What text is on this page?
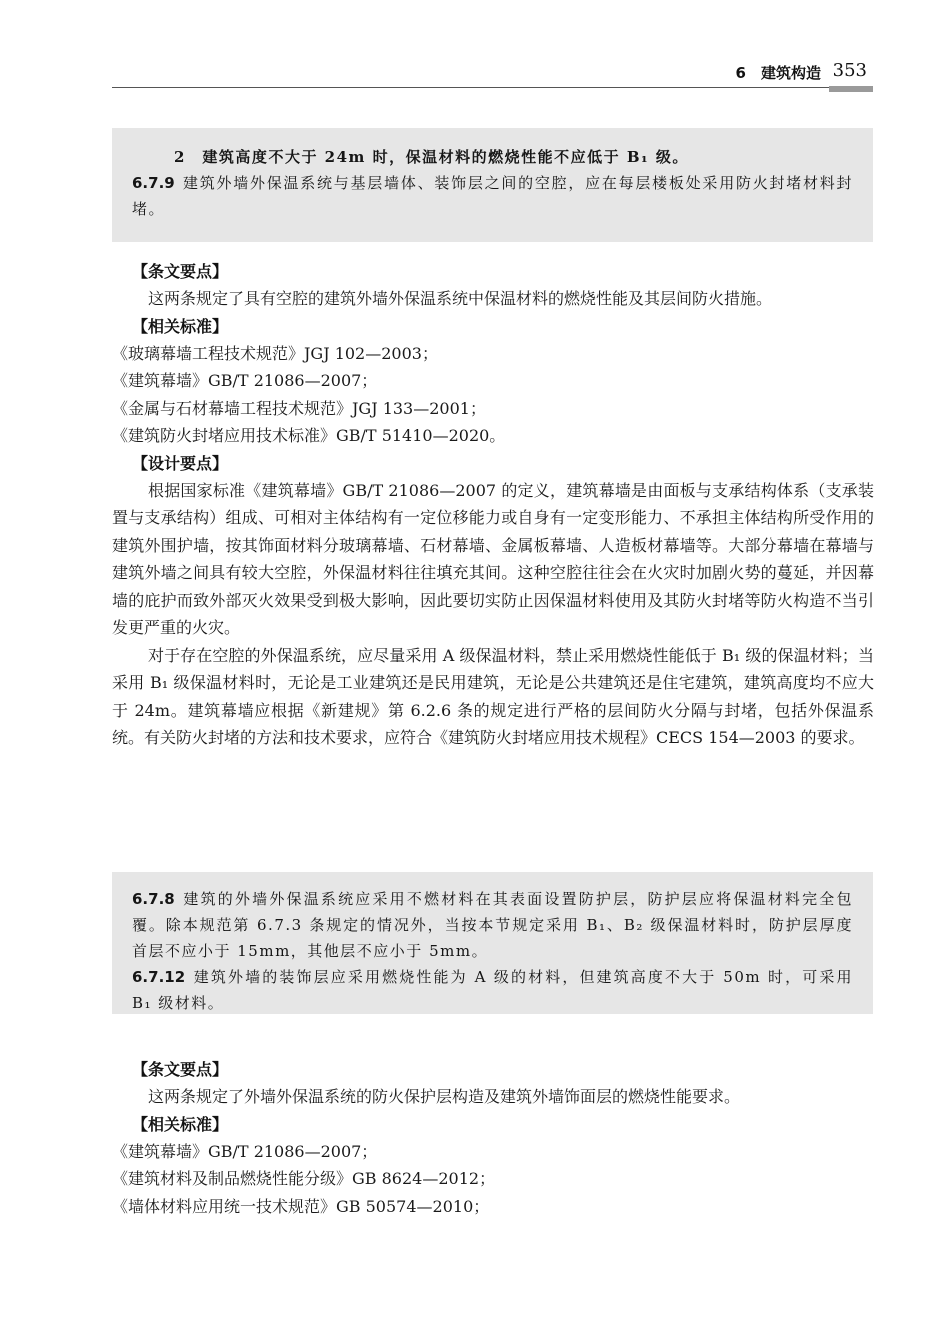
6　建筑构造 353

2　建筑高度不大于 24m 时，保温材料的燃烧性能不应低于 B₁ 级。

6.7.9 建筑外墙外保温系统与基层墙体、装饰层之间的空腔，应在每层楼板处采用防火封堵材料封堵。

【条文要点】

这两条规定了具有空腔的建筑外墙外保温系统中保温材料的燃烧性能及其层间防火措施。

【相关标准】

《玻璃幕墙工程技术规范》JGJ 102—2003；

《建筑幕墙》GB/T 21086—2007；

《金属与石材幕墙工程技术规范》JGJ 133—2001；

《建筑防火封堵应用技术标准》GB/T 51410—2020。

【设计要点】

根据国家标准《建筑幕墙》GB/T 21086—2007 的定义，建筑幕墙是由面板与支承结构体系（支承装置与支承结构）组成、可相对主体结构有一定位移能力或自身有一定变形能力、不承担主体结构所受作用的建筑外围护墙，按其饰面材料分玻璃幕墙、石材幕墙、金属板幕墙、人造板材幕墙等。大部分幕墙在幕墙与建筑外墙之间具有较大空腔，外保温材料往往填充其间。这种空腔往往会在火灾时加剧火势的蔓延，并因幕墙的庇护而致外部灭火效果受到极大影响，因此要切实防止因保温材料使用及其防火封堵等防火构造不当引发更严重的火灾。

对于存在空腔的外保温系统，应尽量采用 A 级保温材料，禁止采用燃烧性能低于 B₁ 级的保温材料；当采用 B₁ 级保温材料时，无论是工业建筑还是民用建筑，无论是公共建筑还是住宅建筑，建筑高度均不应大于 24m。建筑幕墙应根据《新建规》第 6.2.6 条的规定进行严格的层间防火分隔与封堵，包括外保温系统。有关防火封堵的方法和技术要求，应符合《建筑防火封堵应用技术规程》CECS 154—2003 的要求。

6.7.8 建筑的外墙外保温系统应采用不燃材料在其表面设置防护层，防护层应将保温材料完全包覆。除本规范第 6.7.3 条规定的情况外，当按本节规定采用 B₁、B₂ 级保温材料时，防护层厚度首层不应小于 15mm，其他层不应小于 5mm。

6.7.12 建筑外墙的装饰层应采用燃烧性能为 A 级的材料，但建筑高度不大于 50m 时，可采用 B₁ 级材料。

【条文要点】

这两条规定了外墙外保温系统的防火保护层构造及建筑外墙饰面层的燃烧性能要求。

【相关标准】

《建筑幕墙》GB/T 21086—2007；

《建筑材料及制品燃烧性能分级》GB 8624—2012；

《墙体材料应用统一技术规范》GB 50574—2010；
